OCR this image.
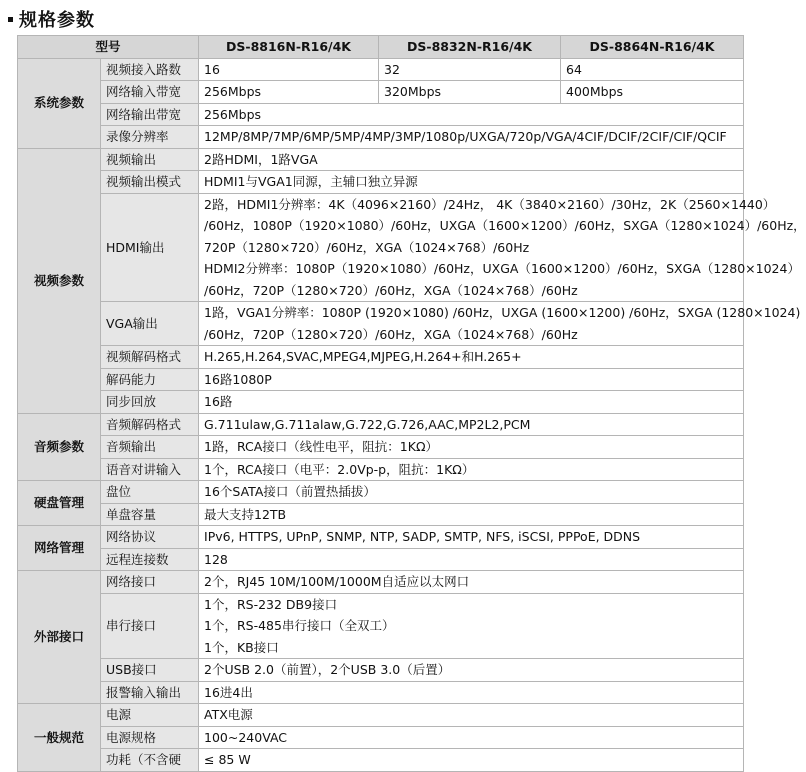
规格参数
型号		DS-8816N-R16/4K	DS-8832N-R16/4K	DS-8864N-R16/4K
系统参数	视频接入路数	16	32	64
	网络输入带宽	256Mbps	320Mbps	400Mbps
	网络输出带宽	256Mbps		

	录像分辨率	12MP/8MP/7MP/6MP/5MP/4MP/3MP/1080p/UXGA/720p/VGA/4CIF/DCIF/2CIF/CIF/QCIF		

视频参数	视频输出	2路HDMI，1路VGA		

	视频输出模式	HDMI1与VGA1同源，主辅口独立异源		

	HDMI输出	2路，HDMI1分辨率：4K（4096×2160）/24Hz， 4K（3840×2160）/30Hz，2K（2560×1440）
/60Hz，1080P（1920×1080）/60Hz，UXGA（1600×1200）/60Hz，SXGA（1280×1024）/60Hz，
720P（1280×720）/60Hz，XGA（1024×768）/60Hz
HDMI2分辨率：1080P（1920×1080）/60Hz，UXGA（1600×1200）/60Hz，SXGA（1280×1024）
/60Hz，720P（1280×720）/60Hz，XGA（1024×768）/60Hz		

	VGA输出	1路，VGA1分辨率：1080P (1920×1080) /60Hz，UXGA (1600×1200) /60Hz，SXGA (1280×1024)
/60Hz，720P（1280×720）/60Hz，XGA（1024×768）/60Hz		

	视频解码格式	H.265,H.264,SVAC,MPEG4,MJPEG,H.264+和H.265+		

	解码能力	16路1080P		

	同步回放	16路		

音频参数	音频解码格式	G.711ulaw,G.711alaw,G.722,G.726,AAC,MP2L2,PCM		

	音频输出	1路，RCA接口（线性电平，阻抗：1KΩ）		

	语音对讲输入	1个，RCA接口（电平：2.0Vp-p，阻抗：1KΩ）		

硬盘管理	盘位	16个SATA接口（前置热插拔）		

	单盘容量	最大支持12TB		

网络管理	网络协议	IPv6, HTTPS, UPnP, SNMP, NTP, SADP, SMTP, NFS, iSCSI, PPPoE, DDNS		

	远程连接数	128		

外部接口	网络接口	2个，RJ45 10M/100M/1000M自适应以太网口		

	串行接口	1个，RS-232 DB9接口
1个，RS-485串行接口（全双工）
1个，KB接口		

	USB接口	2个USB 2.0（前置），2个USB 3.0（后置）		

	报警输入输出	16进4出		

一般规范	电源	ATX电源		

	电源规格	100~240VAC		

	功耗（不含硬	≤ 85 W		
